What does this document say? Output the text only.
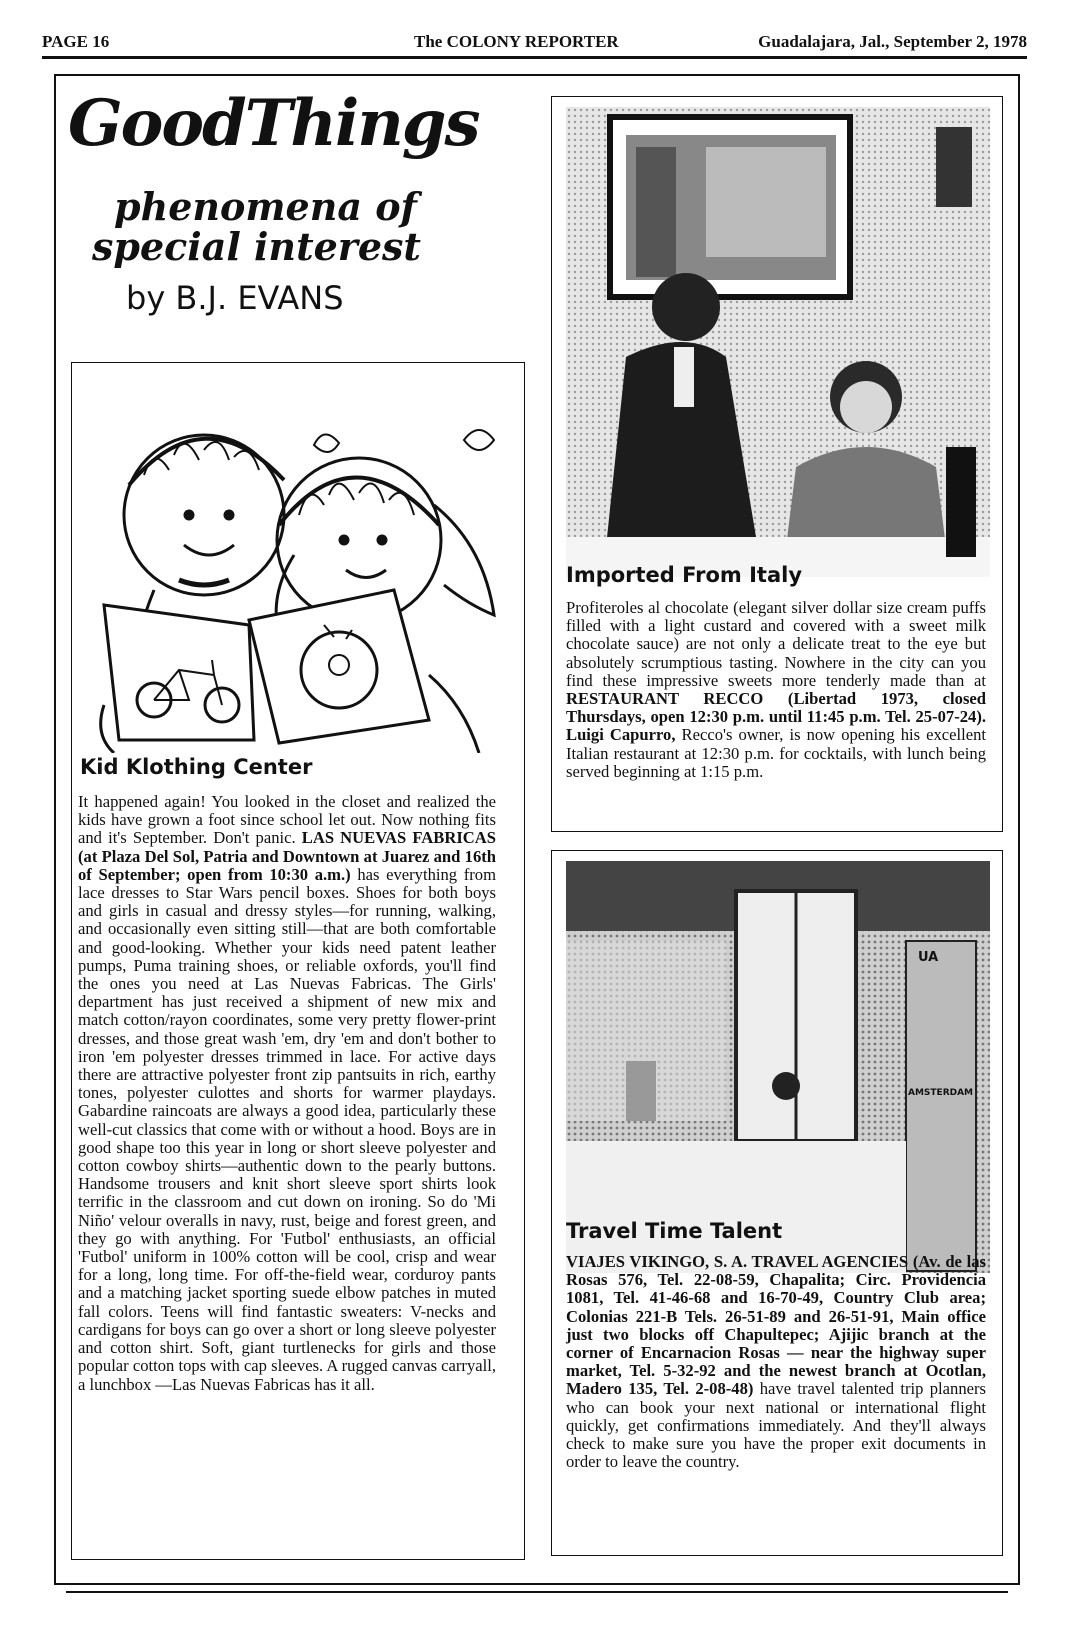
PAGE 16	The COLONY REPORTER	Guadalajara, Jal., September 2, 1978
GoodThings
phenomena of
special interest
by B.J. EVANS
Kid Klothing Center
It happened again! You looked in the closet and realized the kids have grown a foot since school let out. Now nothing fits and it's September. Don't panic. LAS NUEVAS FABRICAS (at Plaza Del Sol, Patria and Downtown at Juarez and 16th of September; open from 10:30 a.m.) has everything from lace dresses to Star Wars pencil boxes. Shoes for both boys and girls in casual and dressy styles—for running, walking, and occasionally even sitting still—that are both comfortable and good-looking. Whether your kids need patent leather pumps, Puma training shoes, or reliable oxfords, you'll find the ones you need at Las Nuevas Fabricas. The Girls' department has just received a shipment of new mix and match cotton/rayon coordinates, some very pretty flower-print dresses, and those great wash 'em, dry 'em and don't bother to iron 'em polyester dresses trimmed in lace. For active days there are attractive polyester front zip pantsuits in rich, earthy tones, polyester culottes and shorts for warmer playdays. Gabardine raincoats are always a good idea, particularly these well-cut classics that come with or without a hood. Boys are in good shape too this year in long or short sleeve polyester and cotton cowboy shirts—authentic down to the pearly buttons. Handsome trousers and knit short sleeve sport shirts look terrific in the classroom and cut down on ironing. So do 'Mi Niño' velour overalls in navy, rust, beige and forest green, and they go with anything. For 'Futbol' enthusiasts, an official 'Futbol' uniform in 100% cotton will be cool, crisp and wear for a long, long time. For off-the-field wear, corduroy pants and a matching jacket sporting suede elbow patches in muted fall colors. Teens will find fantastic sweaters: V-necks and cardigans for boys can go over a short or long sleeve polyester and cotton shirt. Soft, giant turtlenecks for girls and those popular cotton tops with cap sleeves. A rugged canvas carryall, a lunchbox —Las Nuevas Fabricas has it all.
Imported From Italy
Profiteroles al chocolate (elegant silver dollar size cream puffs filled with a light custard and covered with a sweet milk chocolate sauce) are not only a delicate treat to the eye but absolutely scrumptious tasting. Nowhere in the city can you find these impressive sweets more tenderly made than at RESTAURANT RECCO (Libertad 1973, closed Thursdays, open 12:30 p.m. until 11:45 p.m. Tel. 25-07-24). Luigi Capurro, Recco's owner, is now opening his excellent Italian restaurant at 12:30 p.m. for cocktails, with lunch being served beginning at 1:15 p.m.
UA
AMSTERDAM
Travel Time Talent
VIAJES VIKINGO, S. A. TRAVEL AGENCIES (Av. de las Rosas 576, Tel. 22-08-59, Chapalita; Circ. Providencia 1081, Tel. 41-46-68 and 16-70-49, Country Club area; Colonias 221-B Tels. 26-51-89 and 26-51-91, Main office just two blocks off Chapultepec; Ajijic branch at the corner of Encarnacion Rosas — near the highway super market, Tel. 5-32-92 and the newest branch at Ocotlan, Madero 135, Tel. 2-08-48) have travel talented trip planners who can book your next national or international flight quickly, get confirmations immediately. And they'll always check to make sure you have the proper exit documents in order to leave the country.
